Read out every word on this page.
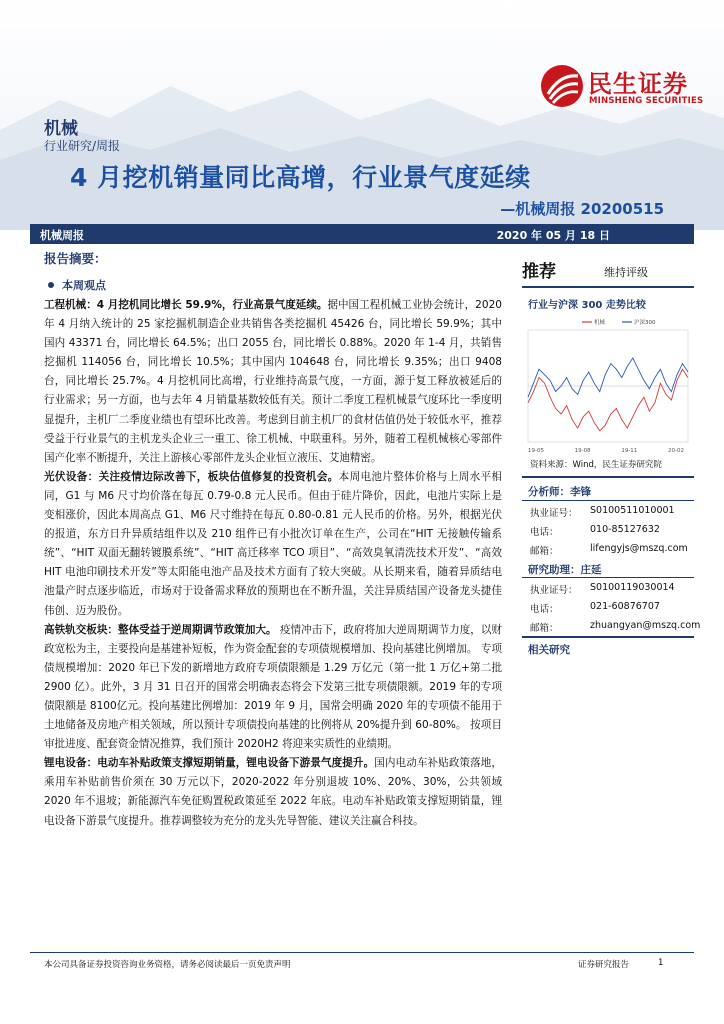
民生证券
MINSHENG SECURITIES
机械
行业研究/周报
4 月挖机销量同比高增，行业景气度延续
—机械周报 20200515
机械周报	2020 年 05 月 18 日
报告摘要：
本周观点

工程机械：4 月挖机同比增长 59.9%，行业高景气度延续。据中国工程机械工业协会统计，2020 年 4 月纳入统计的 25 家挖掘机制造企业共销售各类挖掘机 45426 台，同比增长 59.9%；其中国内 43371 台，同比增长 64.5%；出口 2055 台，同比增长 0.88%。2020 年 1-4 月，共销售挖掘机 114056 台，同比增长 10.5%；其中国内 104648 台，同比增长 9.35%；出口 9408 台，同比增长 25.7%。4 月挖机同比高增，行业维持高景气度，一方面，源于复工释放被延后的行业需求；另一方面，也与去年 4 月销量基数较低有关。预计二季度工程机械景气度环比一季度明显提升，主机厂二季度业绩也有望环比改善。考虑到目前主机厂的食材估值仍处于较低水平，推荐受益于行业景气的主机龙头企业三一重工、徐工机械、中联重科。另外，随着工程机械核心零部件国产化率不断提升，关注上游核心零部件龙头企业恒立液压、艾迪精密。

光伏设备：关注疫情边际改善下，板块估值修复的投资机会。本周电池片整体价格与上周水平相同，G1 与 M6 尺寸均价落在每瓦 0.79-0.8 元人民币。但由于硅片降价，因此，电池片实际上是变相涨价，因此本周高点 G1、M6 尺寸维持在每瓦 0.80-0.81 元人民币的价格。另外，根据光伏的报道，东方日升异质结组件以及 210 组件已有小批次订单在生产，公司在“HIT 无接触传输系统”、“HIT 双面无翻转镀膜系统”、“HIT 高迁移率 TCO 项目”、“高效臭氧清洗技术开发”、“高效 HIT 电池印刷技术开发”等太阳能电池产品及技术方面有了较大突破。从长期来看，随着异质结电池量产时点逐步临近，市场对于设备需求释放的预期也在不断升温，关注异质结国产设备龙头捷佳伟创、迈为股份。

高铁轨交板块：整体受益于逆周期调节政策加大。 疫情冲击下，政府将加大逆周期调节力度，以财政宽松为主，主要投向是基建补短板，作为资金配套的专项债规模增加、投向基建比例增加。 专项债规模增加：2020 年已下发的新增地方政府专项债限额是 1.29 万亿元（第一批 1 万亿+第二批 2900 亿）。此外，3 月 31 日召开的国常会明确表态将会下发第三批专项债限额。2019 年的专项债限额是 8100亿元。投向基建比例增加：2019 年 9 月，国常会明确 2020 年的专项债不能用于土地储备及房地产相关领域，所以预计专项债投向基建的比例将从 20%提升到 60-80%。 按项目审批进度、配套资金情况推算，我们预计 2020H2 将迎来实质性的业绩期。

锂电设备：电动车补贴政策支撑短期销量，锂电设备下游景气度提升。国内电动车补贴政策落地，乘用车补贴前售价须在 30 万元以下，2020-2022 年分别退坡 10%、20%、30%，公共领域 2020 年不退坡；新能源汽车免征购置税政策延至 2022 年底。电动车补贴政策支撑短期销量，锂电设备下游景气度提升。推荐调整较为充分的龙头先导智能、建议关注赢合科技。

推荐	维持评级
行业与沪深 300 走势比较
机械	沪深300
19-05	19-08	19-11	20-02
资料来源：Wind，民生证券研究院
分析师：李锋
执业证号： S0100511010001
电话：	010-85127632
邮箱：	lifengyjs@mszq.com
研究助理：庄延
执业证号： S0100119030014
电话：	021-60876707
邮箱：	zhuangyan@mszq.com
相关研究
本公司具备证券投资咨询业务资格，请务必阅读最后一页免责声明	证券研究报告	1
